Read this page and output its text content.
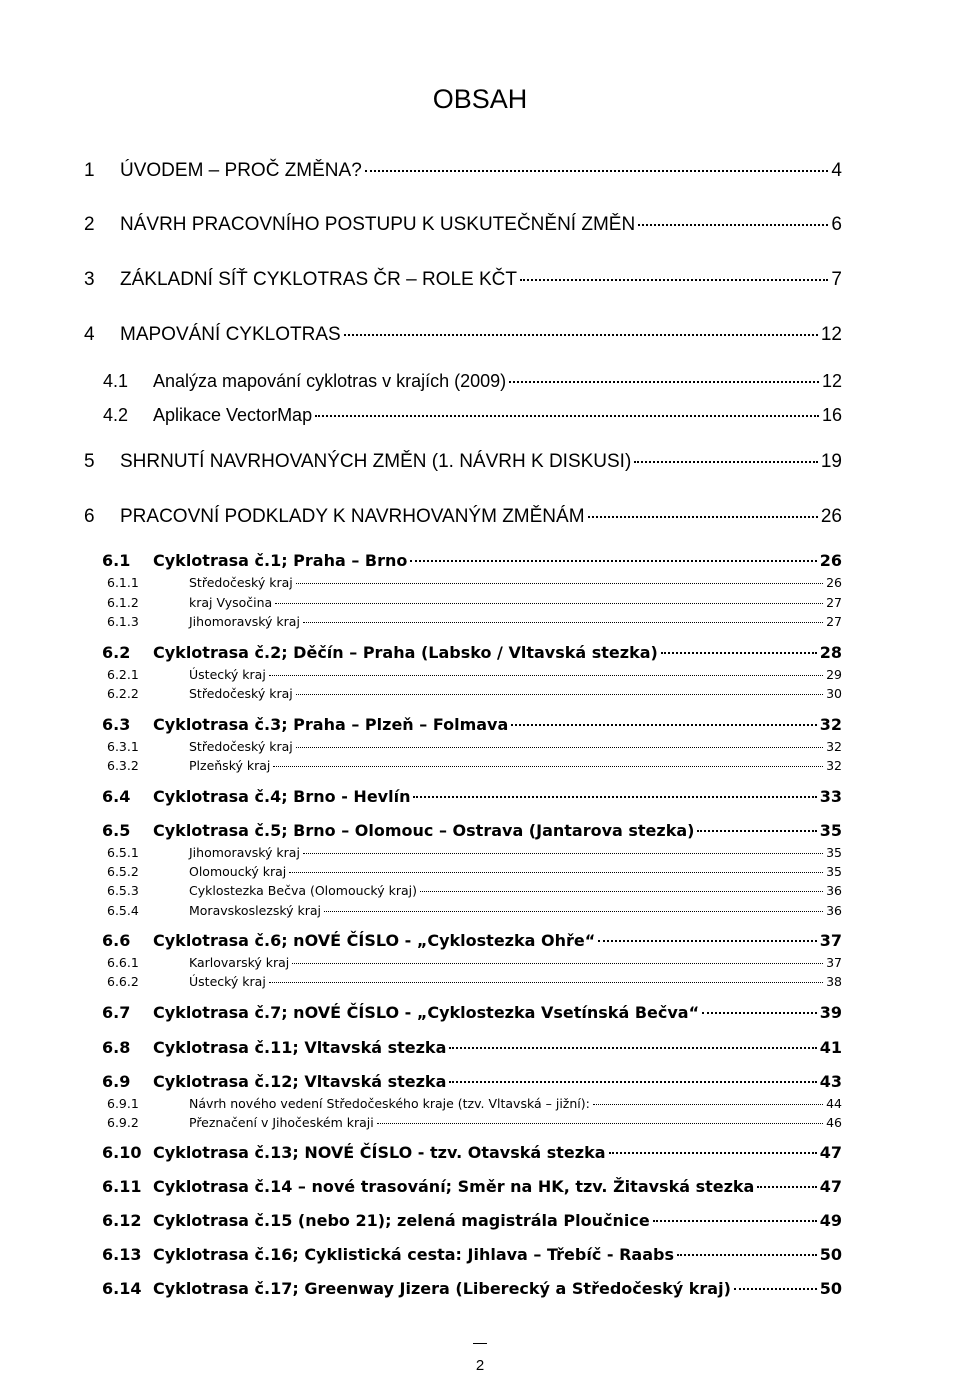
OBSAH
1	ÚVODEM – PROČ ZMĚNA?	4
2	NÁVRH PRACOVNÍHO POSTUPU K USKUTEČNĚNÍ ZMĚN	6
3	ZÁKLADNÍ SÍŤ CYKLOTRAS ČR – ROLE KČT	7
4	MAPOVÁNÍ CYKLOTRAS	12
4.1	Analýza mapování cyklotras v krajích (2009)	12
4.2	Aplikace VectorMap	16
5	SHRNUTÍ NAVRHOVANÝCH ZMĚN (1. NÁVRH K DISKUSI)	19
6	PRACOVNÍ PODKLADY K NAVRHOVANÝM ZMĚNÁM	26
6.1	Cyklotrasa č.1; Praha – Brno	26
6.1.1	Středočeský kraj	26
6.1.2	kraj Vysočina	27
6.1.3	Jihomoravský kraj	27
6.2	Cyklotrasa č.2; Děčín – Praha (Labsko / Vltavská stezka)	28
6.2.1	Ústecký kraj	29
6.2.2	Středočeský kraj	30
6.3	Cyklotrasa č.3; Praha – Plzeň – Folmava	32
6.3.1	Středočeský kraj	32
6.3.2	Plzeňský kraj	32
6.4	Cyklotrasa č.4; Brno - Hevlín	33
6.5	Cyklotrasa č.5; Brno – Olomouc – Ostrava (Jantarova stezka)	35
6.5.1	Jihomoravský kraj	35
6.5.2	Olomoucký kraj	35
6.5.3	Cyklostezka Bečva (Olomoucký kraj)	36
6.5.4	Moravskoslezský kraj	36
6.6	Cyklotrasa č.6; nOVÉ ČÍSLO - „Cyklostezka Ohře“	37
6.6.1	Karlovarský kraj	37
6.6.2	Ústecký kraj	38
6.7	Cyklotrasa č.7; nOVÉ ČÍSLO - „Cyklostezka Vsetínská Bečva“	39
6.8	Cyklotrasa č.11; Vltavská stezka	41
6.9	Cyklotrasa č.12; Vltavská stezka	43
6.9.1	Návrh nového vedení Středočeského kraje (tzv. Vltavská – jižní):	44
6.9.2	Přeznačení v Jihočeském kraji	46
6.10 Cyklotrasa č.13; NOVÉ ČÍSLO - tzv. Otavská stezka	47
6.11 Cyklotrasa č.14 – nové trasování; Směr na HK, tzv. Žitavská stezka	47
6.12 Cyklotrasa č.15 (nebo 21); zelená magistrála Ploučnice	49
6.13 Cyklotrasa č.16; Cyklistická cesta: Jihlava – Třebíč - Raabs	50
6.14 Cyklotrasa č.17; Greenway Jizera (Liberecký a Středočeský kraj)	50
2
